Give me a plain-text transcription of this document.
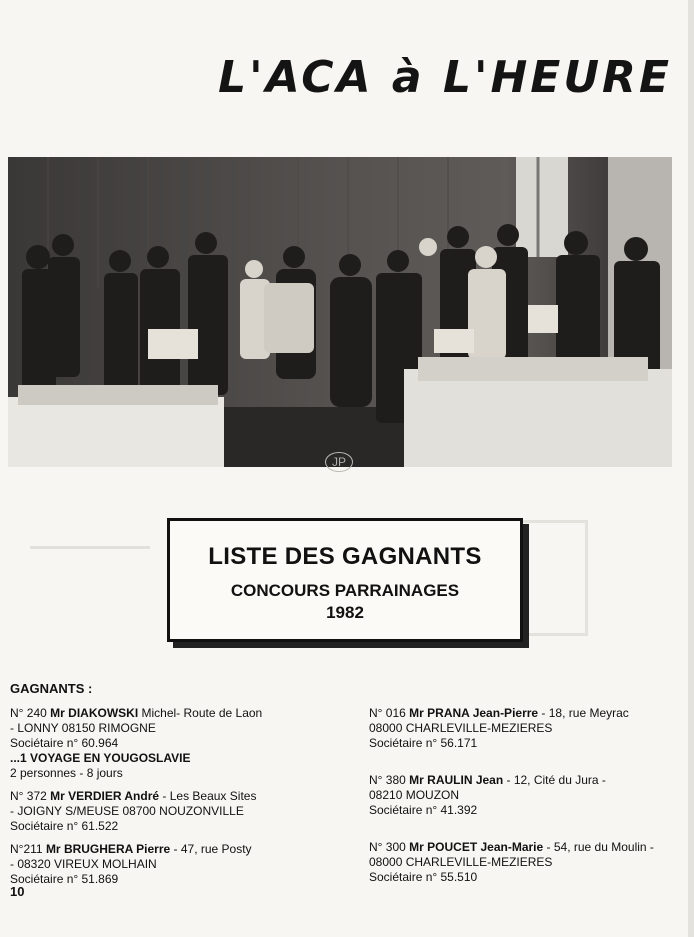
L'ACA à L'HEURE
JP
LISTE DES GAGNANTS
CONCOURS PARRAINAGES
1982
GAGNANTS :
N° 240 Mr DIAKOWSKI Michel- Route de Laon
- LONNY 08150 RIMOGNE
Sociétaire n° 60.964
...1 VOYAGE EN YOUGOSLAVIE
2 personnes - 8 jours
N° 372 Mr VERDIER André - Les Beaux Sites
- JOIGNY S/MEUSE 08700 NOUZONVILLE
Sociétaire n° 61.522
N°211 Mr BRUGHERA Pierre - 47, rue Posty
- 08320 VIREUX MOLHAIN
Sociétaire n° 51.869
N° 016 Mr PRANA Jean-Pierre - 18, rue Meyrac
08000 CHARLEVILLE-MEZIERES
Sociétaire n° 56.171
N° 380 Mr RAULIN Jean - 12, Cité du Jura -
08210 MOUZON
Sociétaire n° 41.392
N° 300 Mr POUCET Jean-Marie - 54, rue du Moulin -
08000 CHARLEVILLE-MEZIERES
Sociétaire n° 55.510
10
